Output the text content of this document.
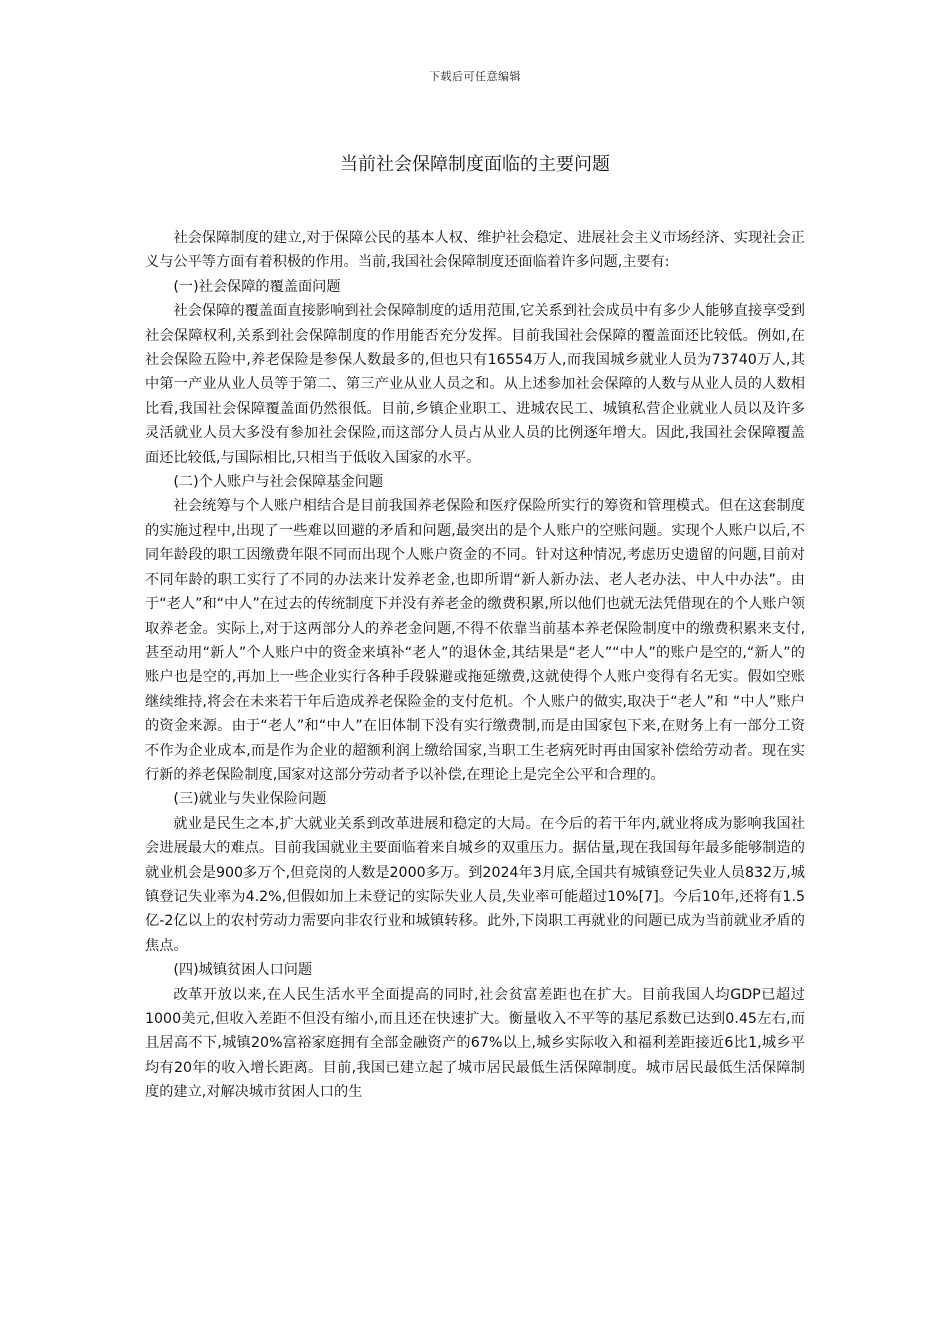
下载后可任意编辑
当前社会保障制度面临的主要问题

社会保障制度的建立,对于保障公民的基本人权、维护社会稳定、进展社会主义市场经济、实现社会正义与公平等方面有着积极的作用。当前,我国社会保障制度还面临着许多问题,主要有:

(一)社会保障的覆盖面问题

社会保障的覆盖面直接影响到社会保障制度的适用范围,它关系到社会成员中有多少人能够直接享受到社会保障权利,关系到社会保障制度的作用能否充分发挥。目前我国社会保障的覆盖面还比较低。例如,在社会保险五险中,养老保险是参保人数最多的,但也只有16554万人,而我国城乡就业人员为73740万人,其中第一产业从业人员等于第二、第三产业从业人员之和。从上述参加社会保障的人数与从业人员的人数相比看,我国社会保障覆盖面仍然很低。目前,乡镇企业职工、进城农民工、城镇私营企业就业人员以及许多灵活就业人员大多没有参加社会保险,而这部分人员占从业人员的比例逐年增大。因此,我国社会保障覆盖面还比较低,与国际相比,只相当于低收入国家的水平。

(二)个人账户与社会保障基金问题

社会统筹与个人账户相结合是目前我国养老保险和医疗保险所实行的筹资和管理模式。但在这套制度的实施过程中,出现了一些难以回避的矛盾和问题,最突出的是个人账户的空账问题。实现个人账户以后,不同年龄段的职工因缴费年限不同而出现个人账户资金的不同。针对这种情况,考虑历史遗留的问题,目前对不同年龄的职工实行了不同的办法来计发养老金,也即所谓“新人新办法、老人老办法、中人中办法”。由于“老人”和“中人”在过去的传统制度下并没有养老金的缴费积累,所以他们也就无法凭借现在的个人账户领取养老金。实际上,对于这两部分人的养老金问题,不得不依靠当前基本养老保险制度中的缴费积累来支付,甚至动用“新人”个人账户中的资金来填补“老人”的退休金,其结果是“老人”“中人”的账户是空的,“新人”的账户也是空的,再加上一些企业实行各种手段躲避或拖延缴费,这就使得个人账户变得有名无实。假如空账继续维持,将会在未来若干年后造成养老保险金的支付危机。个人账户的做实,取决于“老人”和 “中人”账户的资金来源。由于“老人”和“中人”在旧体制下没有实行缴费制,而是由国家包下来,在财务上有一部分工资不作为企业成本,而是作为企业的超额利润上缴给国家,当职工生老病死时再由国家补偿给劳动者。现在实行新的养老保险制度,国家对这部分劳动者予以补偿,在理论上是完全公平和合理的。

(三)就业与失业保险问题

就业是民生之本,扩大就业关系到改革进展和稳定的大局。在今后的若干年内,就业将成为影响我国社会进展最大的难点。目前我国就业主要面临着来自城乡的双重压力。据估量,现在我国每年最多能够制造的就业机会是900多万个,但竞岗的人数是2000多万。到2024年3月底,全国共有城镇登记失业人员832万,城镇登记失业率为4.2%,但假如加上未登记的实际失业人员,失业率可能超过10%[7]。今后10年,还将有1.5亿-2亿以上的农村劳动力需要向非农行业和城镇转移。此外,下岗职工再就业的问题已成为当前就业矛盾的焦点。

(四)城镇贫困人口问题

改革开放以来,在人民生活水平全面提高的同时,社会贫富差距也在扩大。目前我国人均GDP已超过1000美元,但收入差距不但没有缩小,而且还在快速扩大。衡量收入不平等的基尼系数已达到0.45左右,而且居高不下,城镇20%富裕家庭拥有全部金融资产的67%以上,城乡实际收入和福利差距接近6比1,城乡平均有20年的收入增长距离。目前,我国已建立起了城市居民最低生活保障制度。城市居民最低生活保障制度的建立,对解决城市贫困人口的生
